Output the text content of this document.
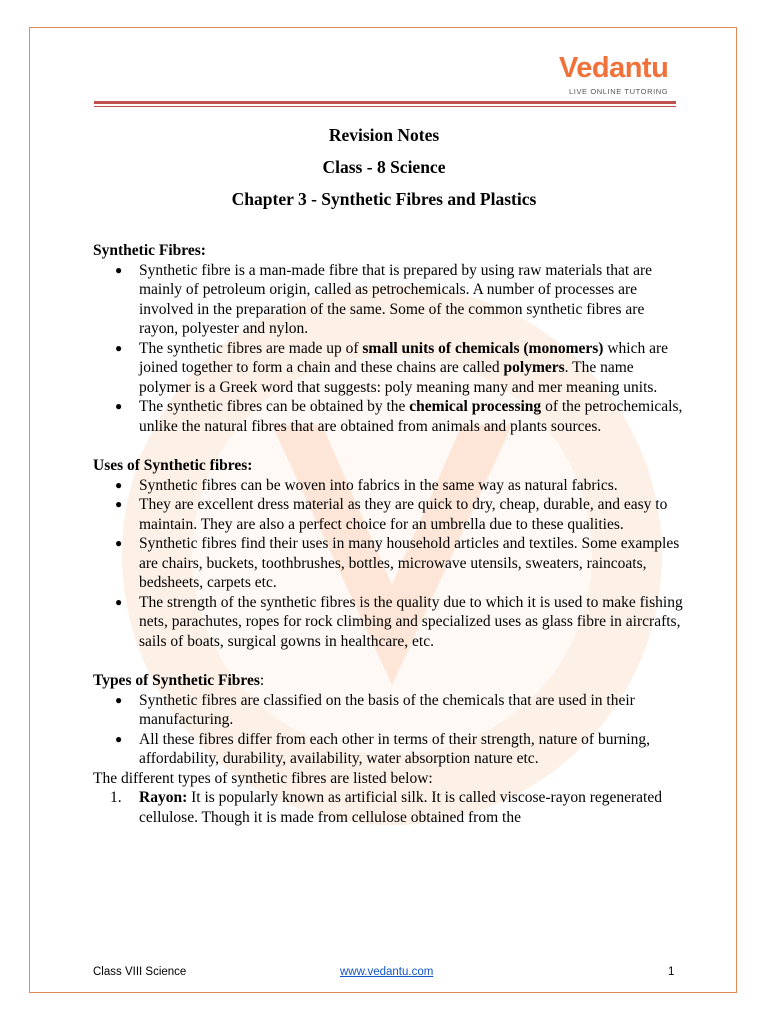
Vedantu
LIVE ONLINE TUTORING
Revision Notes
Class - 8 Science
Chapter 3 - Synthetic Fibres and Plastics

Synthetic Fibres:

● Synthetic fibre is a man-made fibre that is prepared by using raw materials that are mainly of petroleum origin, called as petrochemicals. A number of processes are involved in the preparation of the same. Some of the common synthetic fibres are rayon, polyester and nylon.
● The synthetic fibres are made up of small units of chemicals (monomers) which are joined together to form a chain and these chains are called polymers. The name polymer is a Greek word that suggests: poly meaning many and mer meaning units.
● The synthetic fibres can be obtained by the chemical processing of the petrochemicals, unlike the natural fibres that are obtained from animals and plants sources.

Uses of Synthetic fibres:

● Synthetic fibres can be woven into fabrics in the same way as natural fabrics.
● They are excellent dress material as they are quick to dry, cheap, durable, and easy to maintain. They are also a perfect choice for an umbrella due to these qualities.
● Synthetic fibres find their uses in many household articles and textiles. Some examples are chairs, buckets, toothbrushes, bottles, microwave utensils, sweaters, raincoats, bedsheets, carpets etc.
● The strength of the synthetic fibres is the quality due to which it is used to make fishing nets, parachutes, ropes for rock climbing and specialized uses as glass fibre in aircrafts, sails of boats, surgical gowns in healthcare, etc.

Types of Synthetic Fibres:

● Synthetic fibres are classified on the basis of the chemicals that are used in their manufacturing.
● All these fibres differ from each other in terms of their strength, nature of burning, affordability, durability, availability, water absorption nature etc.

The different types of synthetic fibres are listed below:

1. Rayon: It is popularly known as artificial silk. It is called viscose-rayon regenerated cellulose. Though it is made from cellulose obtained from the
Class VIII Science	www.vedantu.com	1
